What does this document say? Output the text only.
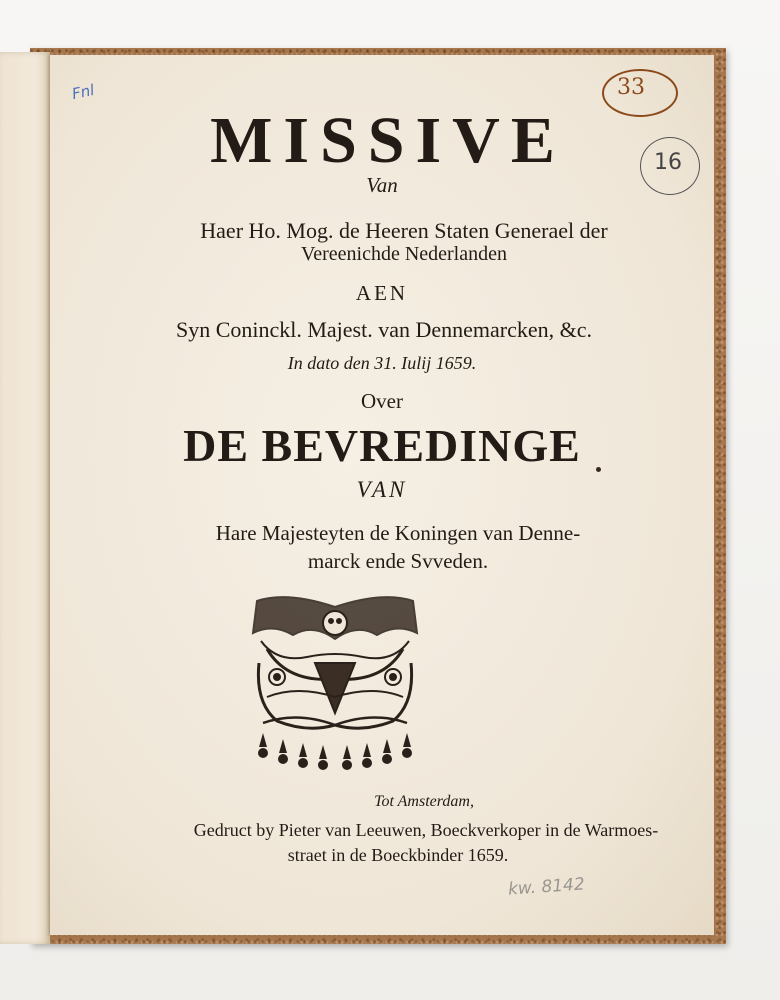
Fnl	33
16
MISSIVE
Van
Haer Ho. Mog. de Heeren Staten Generael der
Vereenichde Nederlanden
AEN
Syn Coninckl. Majest. van Dennemarcken, &c.
In dato den 31. Iulij 1659.
Over
DE BEVREDINGE
VAN
Hare Majesteyten de Koningen van Denne-
marck ende Svveden.
Tot Amsterdam,
Gedruct by Pieter van Leeuwen, Boeckverkoper in de Warmoes-
straet in de Boeckbinder 1659.
kw. 8142
